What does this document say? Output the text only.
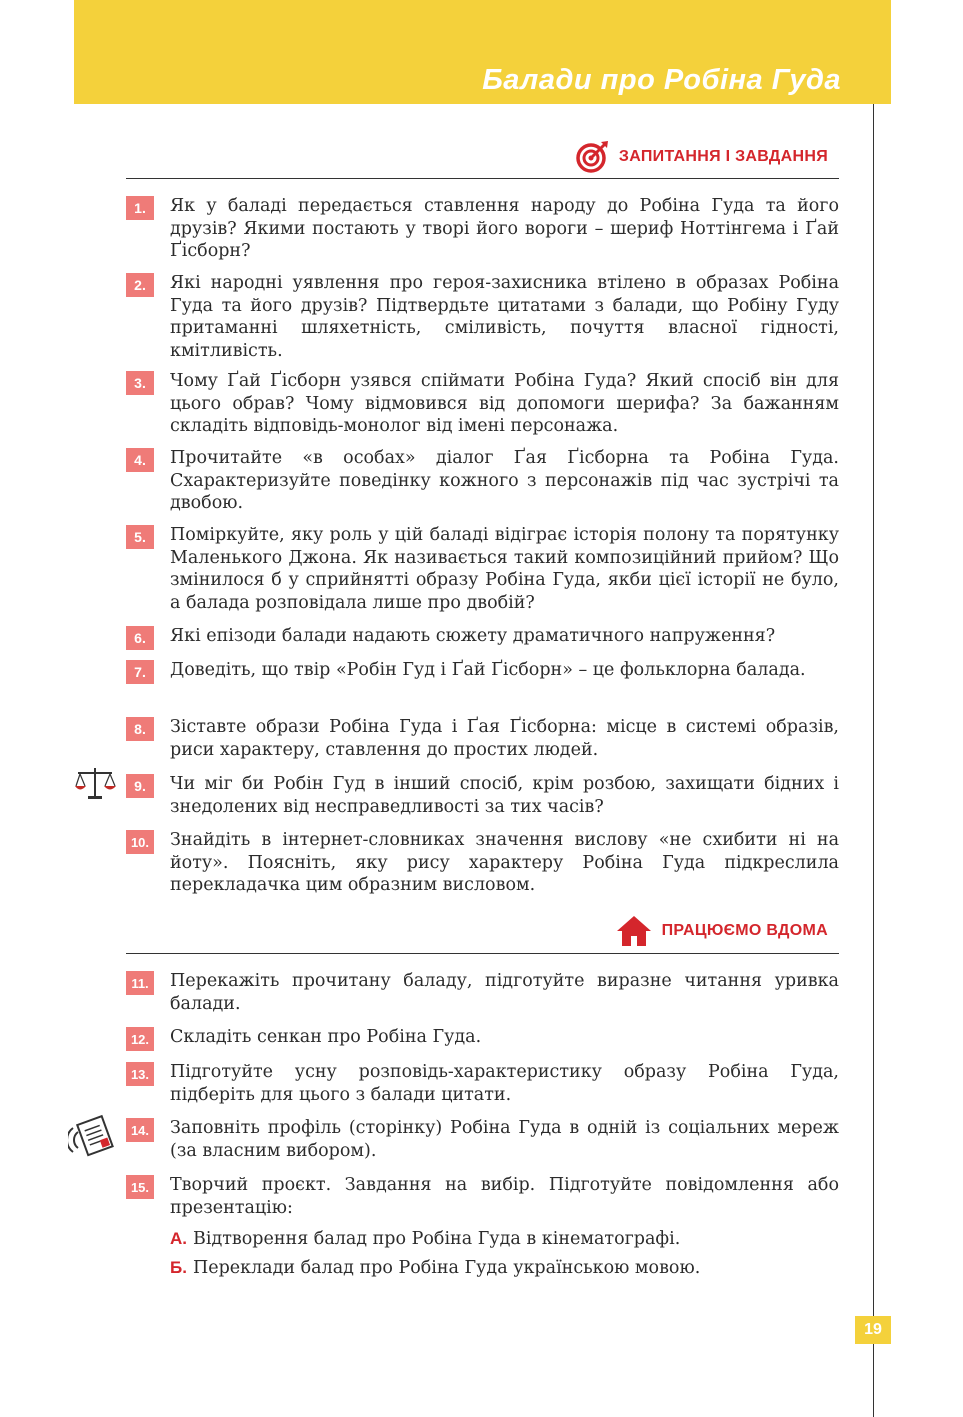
Балади про Робіна Гуда
ЗАПИТАННЯ І ЗАВДАННЯ
1.	Як у баладі передається ставлення народу до Робіна Гуда та його друзів? Якими постають у творі його вороги – шериф Ноттінгема і Ґай Ґісборн?
2.	Які народні уявлення про героя-захисника втілено в образах Робіна Гуда та його друзів? Підтвердьте цитатами з балади, що Робіну Гуду притаманні шляхетність, сміливість, почуття власної гідності, кмітливість.
3.	Чому Ґай Ґісборн узявся спіймати Робіна Гуда? Який спосіб він для цього обрав? Чому відмовився від допомоги шерифа? За бажанням складіть відповідь-монолог від імені персонажа.
4.	Прочитайте «в особах» діалог Ґая Ґісборна та Робіна Гуда. Схарактеризуйте поведінку кожного з персонажів під час зустрічі та двобою.
5.	Поміркуйте, яку роль у цій баладі відіграє історія полону та порятунку Маленького Джона. Як називається такий композиційний прийом? Що змінилося б у сприйнятті образу Робіна Гуда, якби цієї історії не було, а балада розповідала лише про двобій?
6.	Які епізоди балади надають сюжету драматичного напруження?
7.	Доведіть, що твір «Робін Гуд і Ґай Ґісборн» – це фольклорна балада.
8.	Зіставте образи Робіна Гуда і Ґая Ґісборна: місце в системі образів, риси характеру, ставлення до простих людей.
9.	Чи міг би Робін Гуд в інший спосіб, крім розбою, захищати бідних і знедолених від несправедливості за тих часів?
10. Знайдіть в інтернет-словниках значення вислову «не схибити ні на йоту». Поясніть, яку рису характеру Робіна Гуда підкреслила перекладачка цим образним висловом.
ПРАЦЮЄМО ВДОМА
11.	Перекажіть прочитану баладу, підготуйте виразне читання уривка балади.
12. Складіть сенкан про Робіна Гуда.
13. Підготуйте усну розповідь-характеристику образу Робіна Гуда, підберіть для цього з балади цитати.
14. Заповніть профіль (сторінку) Робіна Гуда в одній із соціальних мереж (за власним вибором).
15. Творчий проєкт. Завдання на вибір. Підготуйте повідомлення або презентацію:
А. Відтворення балад про Робіна Гуда в кінематографі.
Б. Переклади балад про Робіна Гуда українською мовою.
19
